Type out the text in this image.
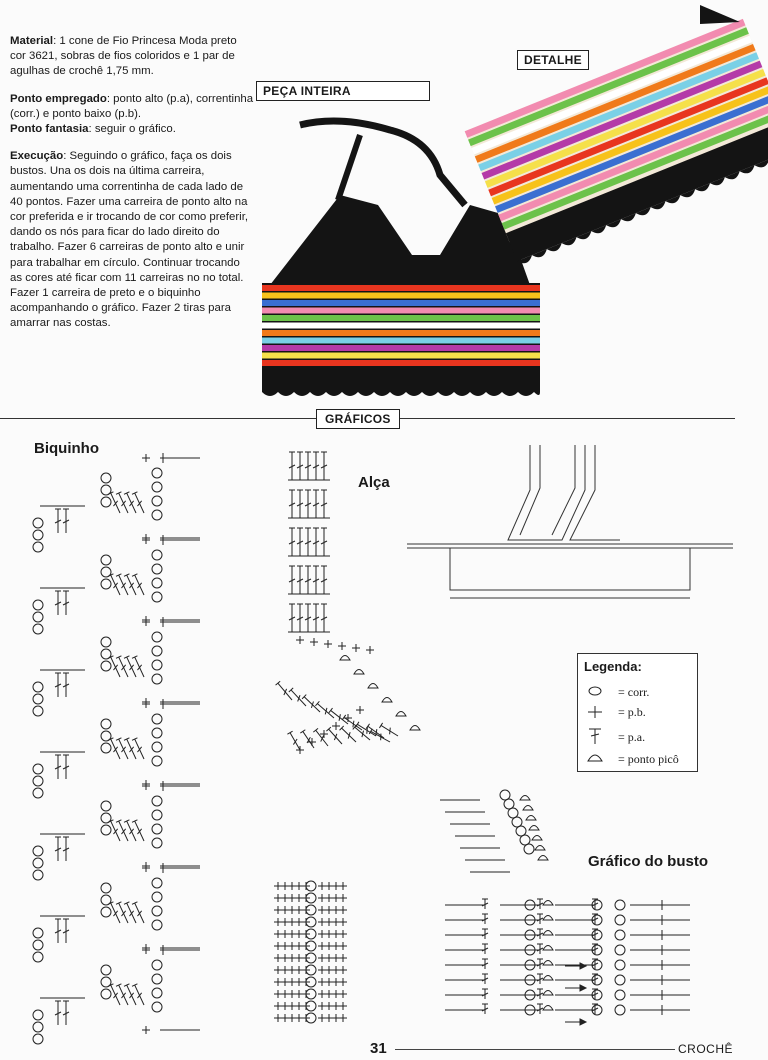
Material: 1 cone de Fio Princesa Moda preto cor 3621, sobras de fios coloridos e 1 par de agulhas de crochê 1,75 mm.

Ponto empregado: ponto alto (p.a), correntinha (corr.) e ponto baixo (p.b).

Ponto fantasia: seguir o gráfico.

Execução: Seguindo o gráfico, faça os dois bustos. Una os dois na última carreira, aumentando uma correntinha de cada lado de 40 pontos. Fazer uma carreira de ponto alto na cor preferida e ir trocando de cor como preferir, dando os nós para ficar do lado direito do trabalho. Fazer 6 carreiras de ponto alto e unir para trabalhar em círculo. Continuar trocando as cores até ficar com 11 carreiras no no total. Fazer 1 carreira de preto e o biquinho acompanhando o gráfico. Fazer 2 tiras para amarrar nas costas.

PEÇA INTEIRA
DETALHE
GRÁFICOS
Biquinho
Alça
Gráfico do busto
Legenda:
= corr.
= p.b.
= p.a.
= ponto picô
31	CROCHÊ
